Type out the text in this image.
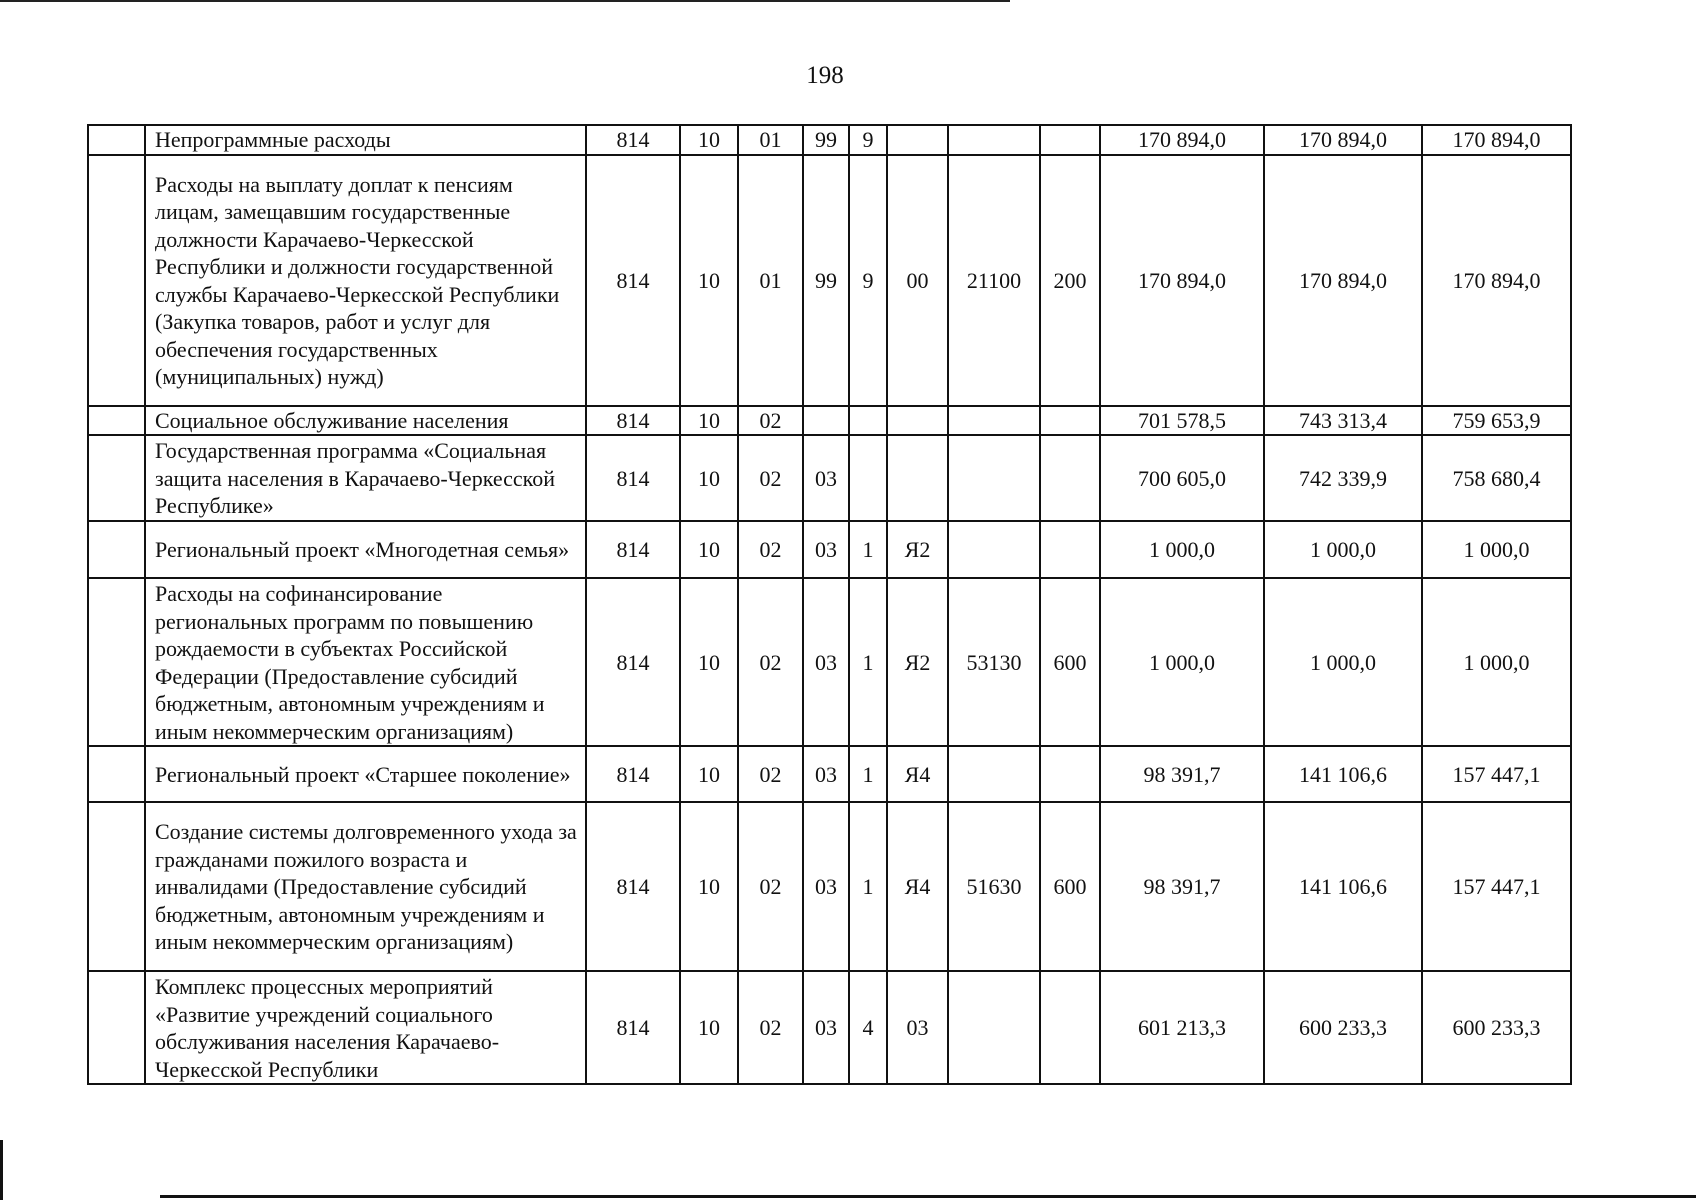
198
	Непрограммные расходы	814	10	01	99	9				170 894,0	170 894,0	170 894,0
	Расходы на выплату доплат к пенсиям лицам, замещавшим государственные должности Карачаево-Черкесской Республики и должности государственной службы Карачаево-Черкесской Республики (Закупка товаров, работ и услуг для обеспечения государственных (муниципальных) нужд)	814	10	01	99	9	00	21100	200	170 894,0	170 894,0	170 894,0
	Социальное обслуживание населения	814	10	02						701 578,5	743 313,4	759 653,9
	Государственная программа «Социальная защита населения в Карачаево-Черкесской Республике»	814	10	02	03					700 605,0	742 339,9	758 680,4
	Региональный проект «Многодетная семья»	814	10	02	03	1	Я2			1 000,0	1 000,0	1 000,0
	Расходы на софинансирование региональных программ по повышению рождаемости в субъектах Российской Федерации (Предоставление субсидий бюджетным, автономным учреждениям и иным некоммерческим организациям)	814	10	02	03	1	Я2	53130	600	1 000,0	1 000,0	1 000,0
	Региональный проект «Старшее поколение»	814	10	02	03	1	Я4			98 391,7	141 106,6	157 447,1
	Создание системы долговременного ухода за гражданами пожилого возраста и инвалидами (Предоставление субсидий бюджетным, автономным учреждениям и иным некоммерческим организациям)	814	10	02	03	1	Я4	51630	600	98 391,7	141 106,6	157 447,1
	Комплекс процессных мероприятий «Развитие учреждений социального обслуживания населения Карачаево-Черкесской Республики	814	10	02	03	4	03			601 213,3	600 233,3	600 233,3
